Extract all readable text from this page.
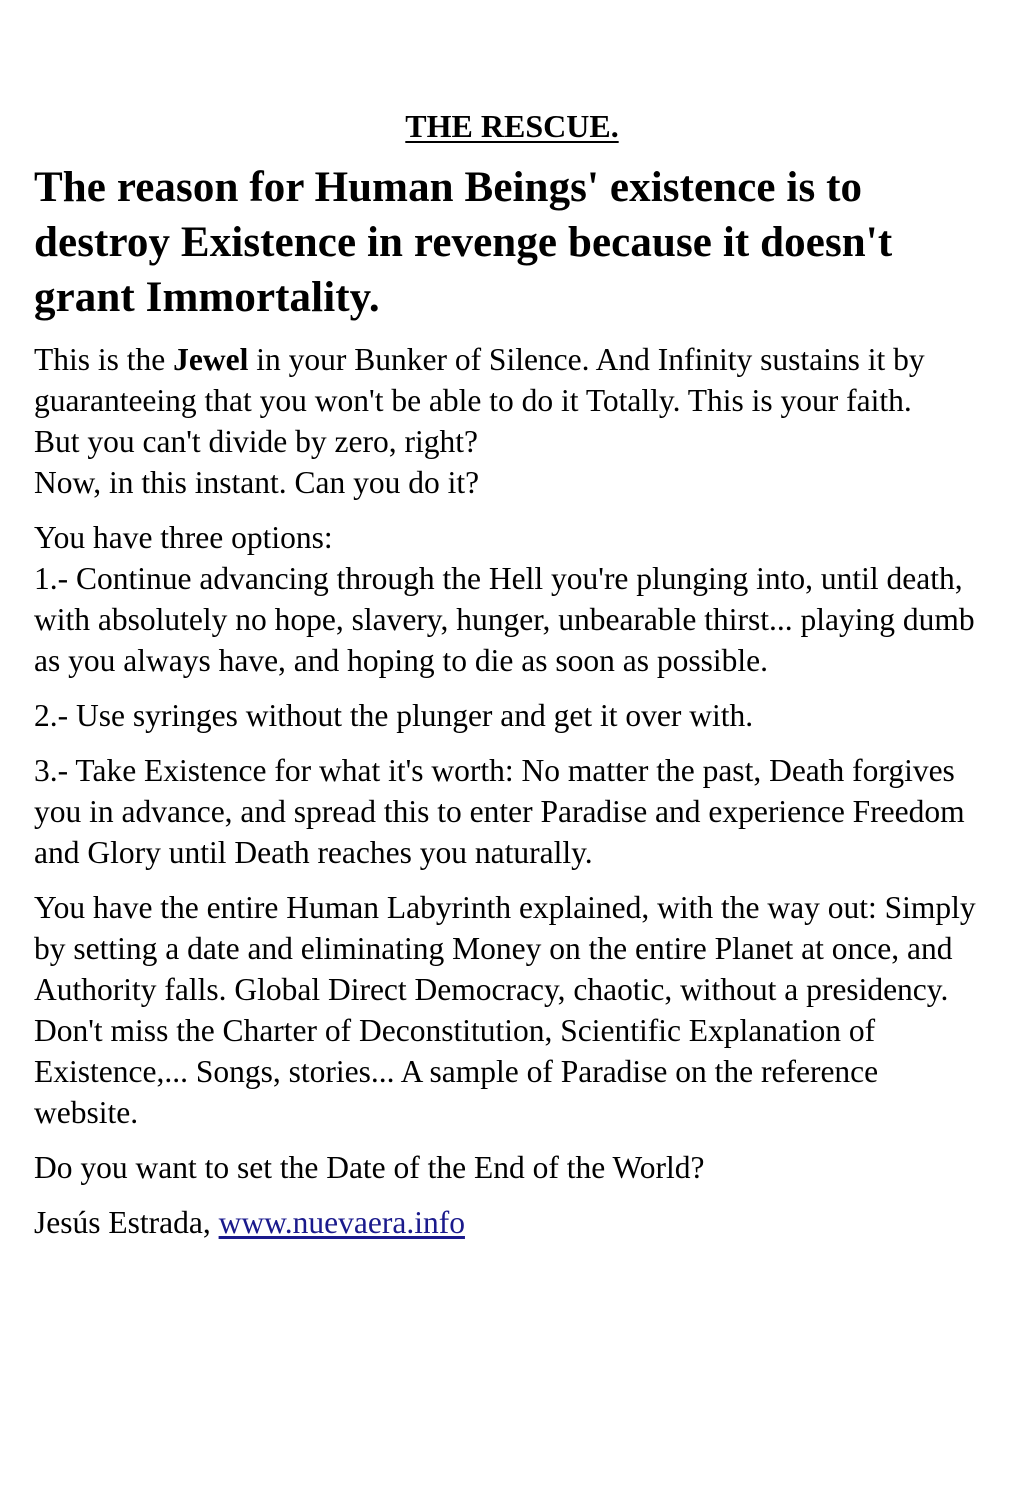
THE RESCUE.
The reason for Human Beings' existence is to destroy Existence in revenge because it doesn't grant Immortality.

This is the Jewel in your Bunker of Silence. And Infinity sustains it by guaranteeing that you won't be able to do it Totally. This is your faith.
But you can't divide by zero, right?
Now, in this instant. Can you do it?

You have three options:
1.- Continue advancing through the Hell you're plunging into, until death, with absolutely no hope, slavery, hunger, unbearable thirst... playing dumb as you always have, and hoping to die as soon as possible.

2.- Use syringes without the plunger and get it over with.

3.- Take Existence for what it's worth: No matter the past, Death forgives you in advance, and spread this to enter Paradise and experience Freedom and Glory until Death reaches you naturally.

You have the entire Human Labyrinth explained, with the way out: Simply by setting a date and eliminating Money on the entire Planet at once, and Authority falls. Global Direct Democracy, chaotic, without a presidency.
Don't miss the Charter of Deconstitution, Scientific Explanation of Existence,... Songs, stories... A sample of Paradise on the reference website.

Do you want to set the Date of the End of the World?

Jesús Estrada, www.nuevaera.info
